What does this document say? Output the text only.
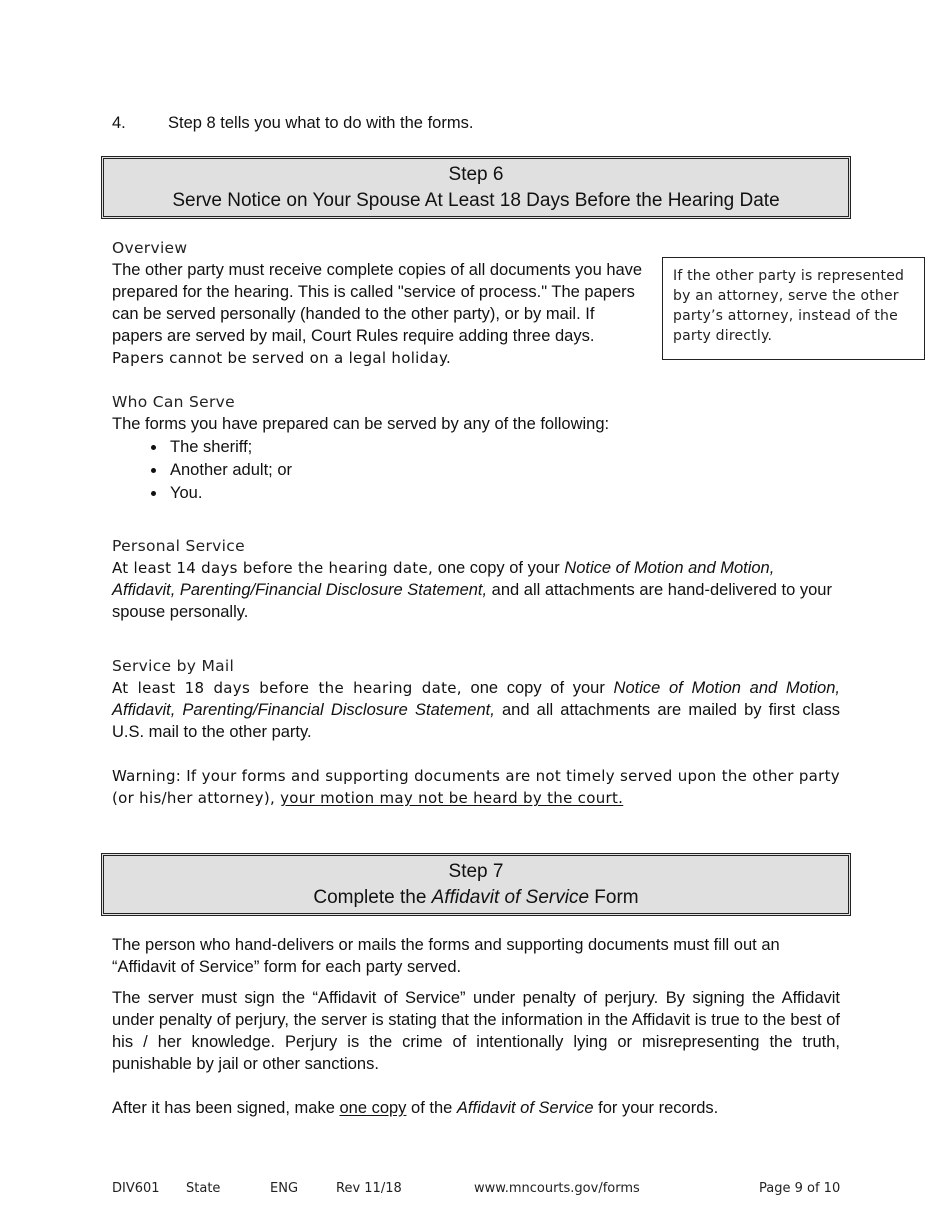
4.	Step 8 tells you what to do with the forms.
Step 6
Serve Notice on Your Spouse At Least 18 Days Before the Hearing Date
Overview
The other party must receive complete copies of all documents you have prepared for the hearing. This is called "service of process." The papers can be served personally (handed to the other party), or by mail. If papers are served by mail, Court Rules require adding three days.
Papers cannot be served on a legal holiday.
If the other party is represented by an attorney, serve the other party’s attorney, instead of the party directly.
Who Can Serve
The forms you have prepared can be served by any of the following:
• The sheriff;
• Another adult; or
• You.
Personal Service
At least 14 days before the hearing date, one copy of your Notice of Motion and Motion, Affidavit, Parenting/Financial Disclosure Statement, and all attachments are hand-delivered to your spouse personally.
Service by Mail
At least 18 days before the hearing date, one copy of your Notice of Motion and Motion, Affidavit, Parenting/Financial Disclosure Statement, and all attachments are mailed by first class U.S. mail to the other party.
Warning: If your forms and supporting documents are not timely served upon the other party (or his/her attorney), your motion may not be heard by the court.
Step 7
Complete the Affidavit of Service Form
The person who hand-delivers or mails the forms and supporting documents must fill out an “Affidavit of Service” form for each party served.
The server must sign the “Affidavit of Service” under penalty of perjury. By signing the Affidavit under penalty of perjury, the server is stating that the information in the Affidavit is true to the best of his / her knowledge. Perjury is the crime of intentionally lying or misrepresenting the truth, punishable by jail or other sanctions.
After it has been signed, make one copy of the Affidavit of Service for your records.
DIV601 State	ENG	Rev 11/18	www.mncourts.gov/forms	Page 9 of 10
